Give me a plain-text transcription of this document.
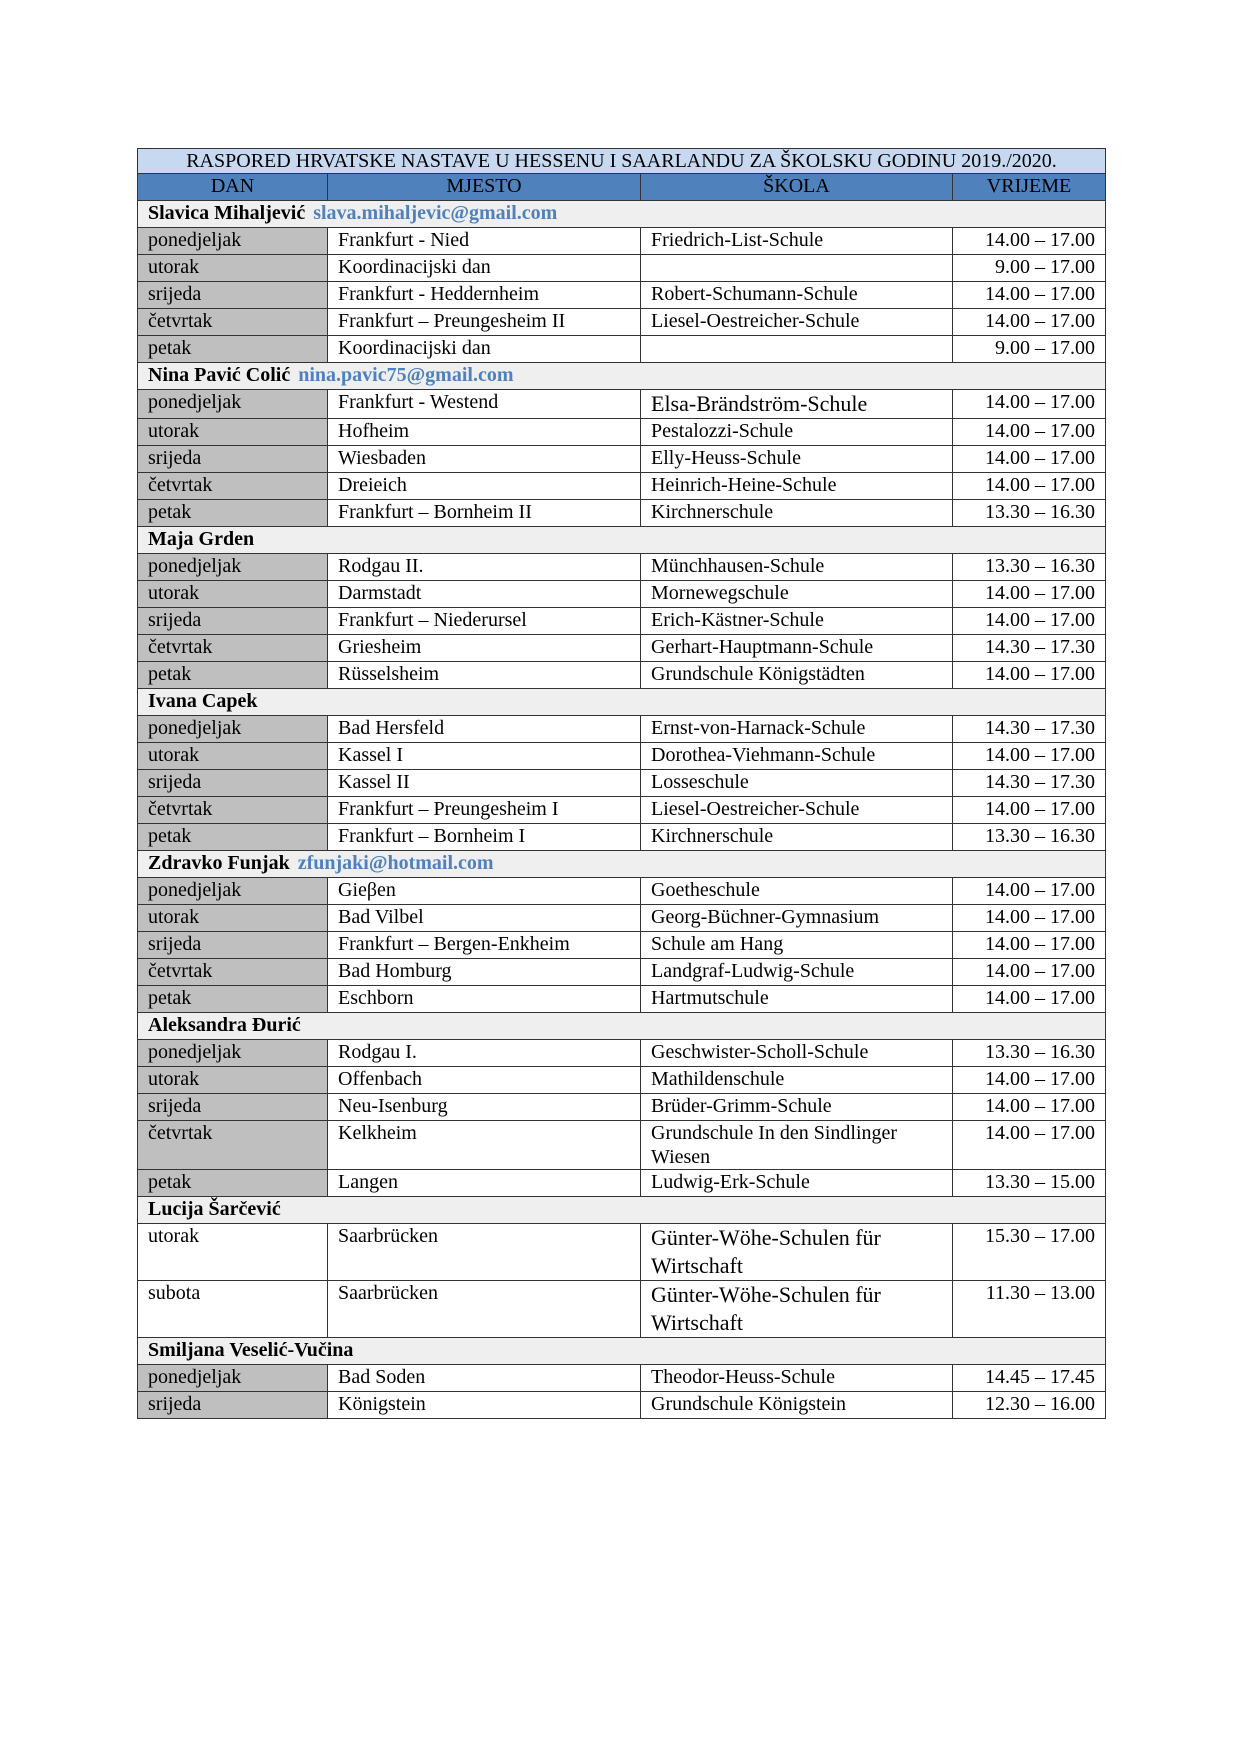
RASPORED HRVATSKE NASTAVE U HESSENU I SAARLANDU ZA ŠKOLSKU GODINU 2019./2020.			
DAN	MJESTO	ŠKOLA	VRIJEME
Slavica Mihaljević slava.mihaljevic@gmail.com			
ponedjeljak	Frankfurt - Nied	Friedrich-List-Schule	14.00 – 17.00
utorak	Koordinacijski dan		9.00 – 17.00
srijeda	Frankfurt - Heddernheim	Robert-Schumann-Schule	14.00 – 17.00
četvrtak	Frankfurt – Preungesheim II	Liesel-Oestreicher-Schule	14.00 – 17.00
petak	Koordinacijski dan		9.00 – 17.00
Nina Pavić Colić nina.pavic75@gmail.com			
ponedjeljak	Frankfurt - Westend	Elsa-Brändström-Schule	14.00 – 17.00
utorak	Hofheim	Pestalozzi-Schule	14.00 – 17.00
srijeda	Wiesbaden	Elly-Heuss-Schule	14.00 – 17.00
četvrtak	Dreieich	Heinrich-Heine-Schule	14.00 – 17.00
petak	Frankfurt – Bornheim II	Kirchnerschule	13.30 – 16.30
Maja Grden			
ponedjeljak	Rodgau II.	Münchhausen-Schule	13.30 – 16.30
utorak	Darmstadt	Mornewegschule	14.00 – 17.00
srijeda	Frankfurt – Niederursel	Erich-Kästner-Schule	14.00 – 17.00
četvrtak	Griesheim	Gerhart-Hauptmann-Schule	14.30 – 17.30
petak	Rüsselsheim	Grundschule Königstädten	14.00 – 17.00
Ivana Capek			
ponedjeljak	Bad Hersfeld	Ernst-von-Harnack-Schule	14.30 – 17.30
utorak	Kassel I	Dorothea-Viehmann-Schule	14.00 – 17.00
srijeda	Kassel II	Losseschule	14.30 – 17.30
četvrtak	Frankfurt – Preungesheim I	Liesel-Oestreicher-Schule	14.00 – 17.00
petak	Frankfurt – Bornheim I	Kirchnerschule	13.30 – 16.30
Zdravko Funjak zfunjaki@hotmail.com			
ponedjeljak	Gieβen	Goetheschule	14.00 – 17.00
utorak	Bad Vilbel	Georg-Büchner-Gymnasium	14.00 – 17.00
srijeda	Frankfurt – Bergen-Enkheim	Schule am Hang	14.00 – 17.00
četvrtak	Bad Homburg	Landgraf-Ludwig-Schule	14.00 – 17.00
petak	Eschborn	Hartmutschule	14.00 – 17.00
Aleksandra Đurić			
ponedjeljak	Rodgau I.	Geschwister-Scholl-Schule	13.30 – 16.30
utorak	Offenbach	Mathildenschule	14.00 – 17.00
srijeda	Neu-Isenburg	Brüder-Grimm-Schule	14.00 – 17.00
četvrtak	Kelkheim	Grundschule In den Sindlinger Wiesen	14.00 – 17.00
petak	Langen	Ludwig-Erk-Schule	13.30 – 15.00
Lucija Šarčević			
utorak	Saarbrücken	Günter-Wöhe-Schulen für Wirtschaft	15.30 – 17.00
subota	Saarbrücken	Günter-Wöhe-Schulen für Wirtschaft	11.30 – 13.00
Smiljana Veselić-Vučina			
ponedjeljak	Bad Soden	Theodor-Heuss-Schule	14.45 – 17.45
srijeda	Königstein	Grundschule Königstein	12.30 – 16.00
